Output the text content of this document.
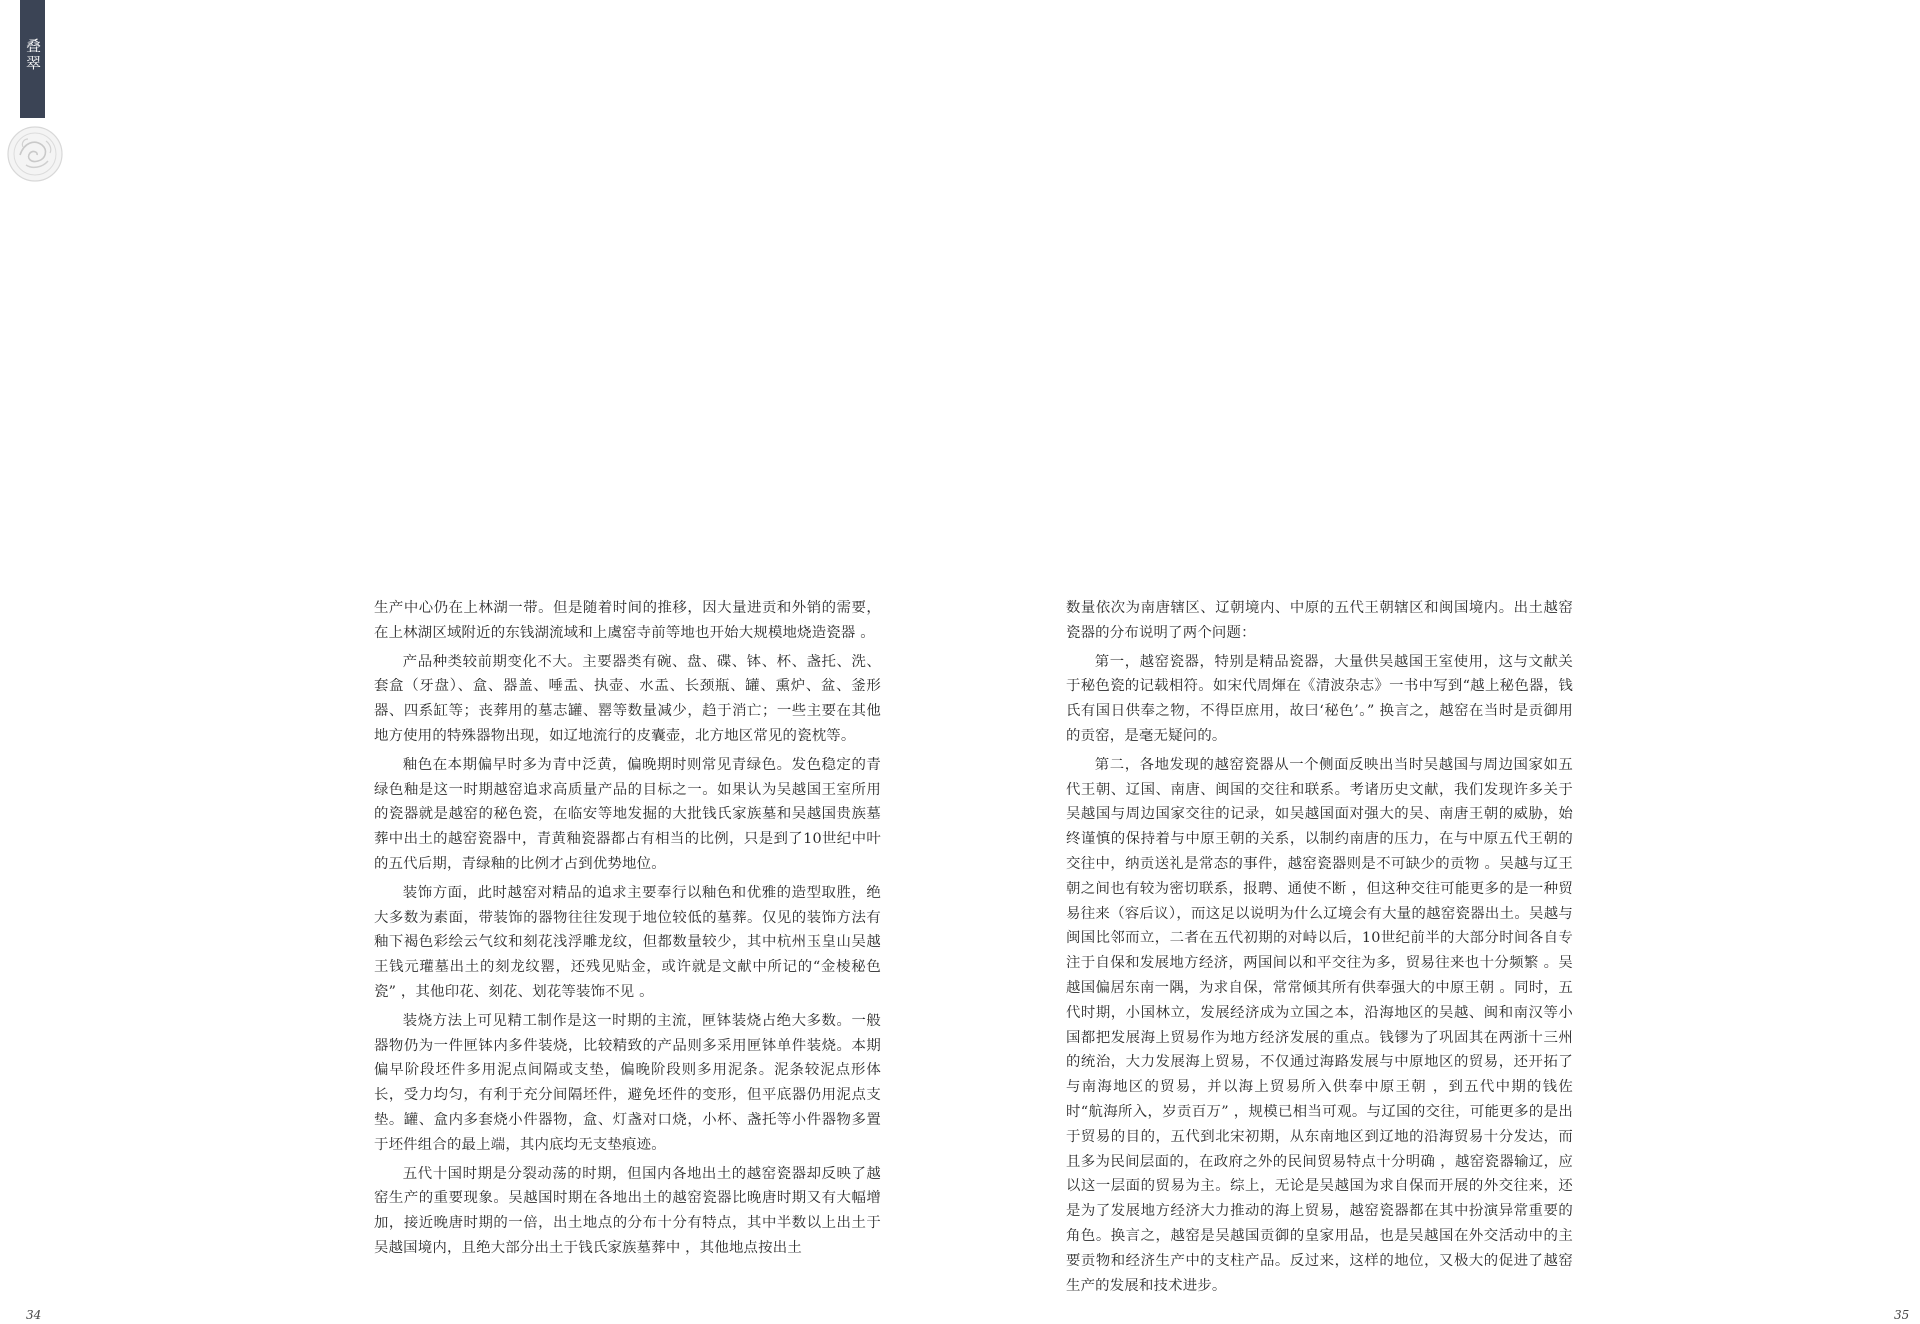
叠翠

生产中心仍在上林湖一带。但是随着时间的推移，因大量进贡和外销的需要，在上林湖区域附近的东钱湖流域和上虞窑寺前等地也开始大规模地烧造瓷器 。

产品种类较前期变化不大。主要器类有碗、盘、碟、钵、杯、盏托、洗、套盒（牙盘）、盒、器盖、唾盂、执壶、水盂、长颈瓶、罐、熏炉、盆、釜形器、四系缸等；丧葬用的墓志罐、罂等数量减少，趋于消亡；一些主要在其他地方使用的特殊器物出现，如辽地流行的皮囊壶，北方地区常见的瓷枕等。

釉色在本期偏早时多为青中泛黄，偏晚期时则常见青绿色。发色稳定的青绿色釉是这一时期越窑追求高质量产品的目标之一。如果认为吴越国王室所用的瓷器就是越窑的秘色瓷，在临安等地发掘的大批钱氏家族墓和吴越国贵族墓葬中出土的越窑瓷器中，青黄釉瓷器都占有相当的比例，只是到了10世纪中叶的五代后期，青绿釉的比例才占到优势地位。

装饰方面，此时越窑对精品的追求主要奉行以釉色和优雅的造型取胜，绝大多数为素面，带装饰的器物往往发现于地位较低的墓葬。仅见的装饰方法有釉下褐色彩绘云气纹和刻花浅浮雕龙纹，但都数量较少，其中杭州玉皇山吴越王钱元瓘墓出土的刻龙纹罂，还残见贴金，或许就是文献中所记的“金棱秘色瓷” ，其他印花、刻花、划花等装饰不见 。

装烧方法上可见精工制作是这一时期的主流，匣钵装烧占绝大多数。一般器物仍为一件匣钵内多件装烧，比较精致的产品则多采用匣钵单件装烧。本期偏早阶段坯件多用泥点间隔或支垫，偏晚阶段则多用泥条。泥条较泥点形体长，受力均匀，有利于充分间隔坯件，避免坯件的变形，但平底器仍用泥点支垫。罐、盒内多套烧小件器物，盒、灯盏对口烧，小杯、盏托等小件器物多置于坯件组合的最上端，其内底均无支垫痕迹。

五代十国时期是分裂动荡的时期，但国内各地出土的越窑瓷器却反映了越窑生产的重要现象。吴越国时期在各地出土的越窑瓷器比晚唐时期又有大幅增加，接近晚唐时期的一倍，出土地点的分布十分有特点，其中半数以上出土于吴越国境内，且绝大部分出土于钱氏家族墓葬中 ，其他地点按出土

数量依次为南唐辖区、辽朝境内、中原的五代王朝辖区和闽国境内。出土越窑瓷器的分布说明了两个问题：

第一，越窑瓷器，特别是精品瓷器，大量供吴越国王室使用，这与文献关于秘色瓷的记载相符。如宋代周煇在《清波杂志》一书中写到“越上秘色器，钱氏有国日供奉之物，不得臣庶用，故曰‘秘色’。” 换言之，越窑在当时是贡御用的贡窑，是毫无疑问的。

第二，各地发现的越窑瓷器从一个侧面反映出当时吴越国与周边国家如五代王朝、辽国、南唐、闽国的交往和联系。考诸历史文献，我们发现许多关于吴越国与周边国家交往的记录，如吴越国面对强大的吴、南唐王朝的威胁，始终谨慎的保持着与中原王朝的关系，以制约南唐的压力，在与中原五代王朝的交往中，纳贡送礼是常态的事件，越窑瓷器则是不可缺少的贡物 。吴越与辽王朝之间也有较为密切联系，报聘、通使不断 ，但这种交往可能更多的是一种贸易往来（容后议），而这足以说明为什么辽境会有大量的越窑瓷器出土。吴越与闽国比邻而立，二者在五代初期的对峙以后，10世纪前半的大部分时间各自专注于自保和发展地方经济，两国间以和平交往为多，贸易往来也十分频繁 。吴越国偏居东南一隅，为求自保，常常倾其所有供奉强大的中原王朝 。同时，五代时期，小国林立，发展经济成为立国之本，沿海地区的吴越、闽和南汉等小国都把发展海上贸易作为地方经济发展的重点。钱镠为了巩固其在两浙十三州的统治，大力发展海上贸易，不仅通过海路发展与中原地区的贸易，还开拓了与南海地区的贸易，并以海上贸易所入供奉中原王朝 ，到五代中期的钱佐时“航海所入，岁贡百万” ，规模已相当可观。与辽国的交往，可能更多的是出于贸易的目的，五代到北宋初期，从东南地区到辽地的沿海贸易十分发达，而且多为民间层面的，在政府之外的民间贸易特点十分明确 ，越窑瓷器输辽，应以这一层面的贸易为主。综上，无论是吴越国为求自保而开展的外交往来，还是为了发展地方经济大力推动的海上贸易，越窑瓷器都在其中扮演异常重要的角色。换言之，越窑是吴越国贡御的皇家用品，也是吴越国在外交活动中的主要贡物和经济生产中的支柱产品。反过来，这样的地位，又极大的促进了越窑生产的发展和技术进步。

34	35
